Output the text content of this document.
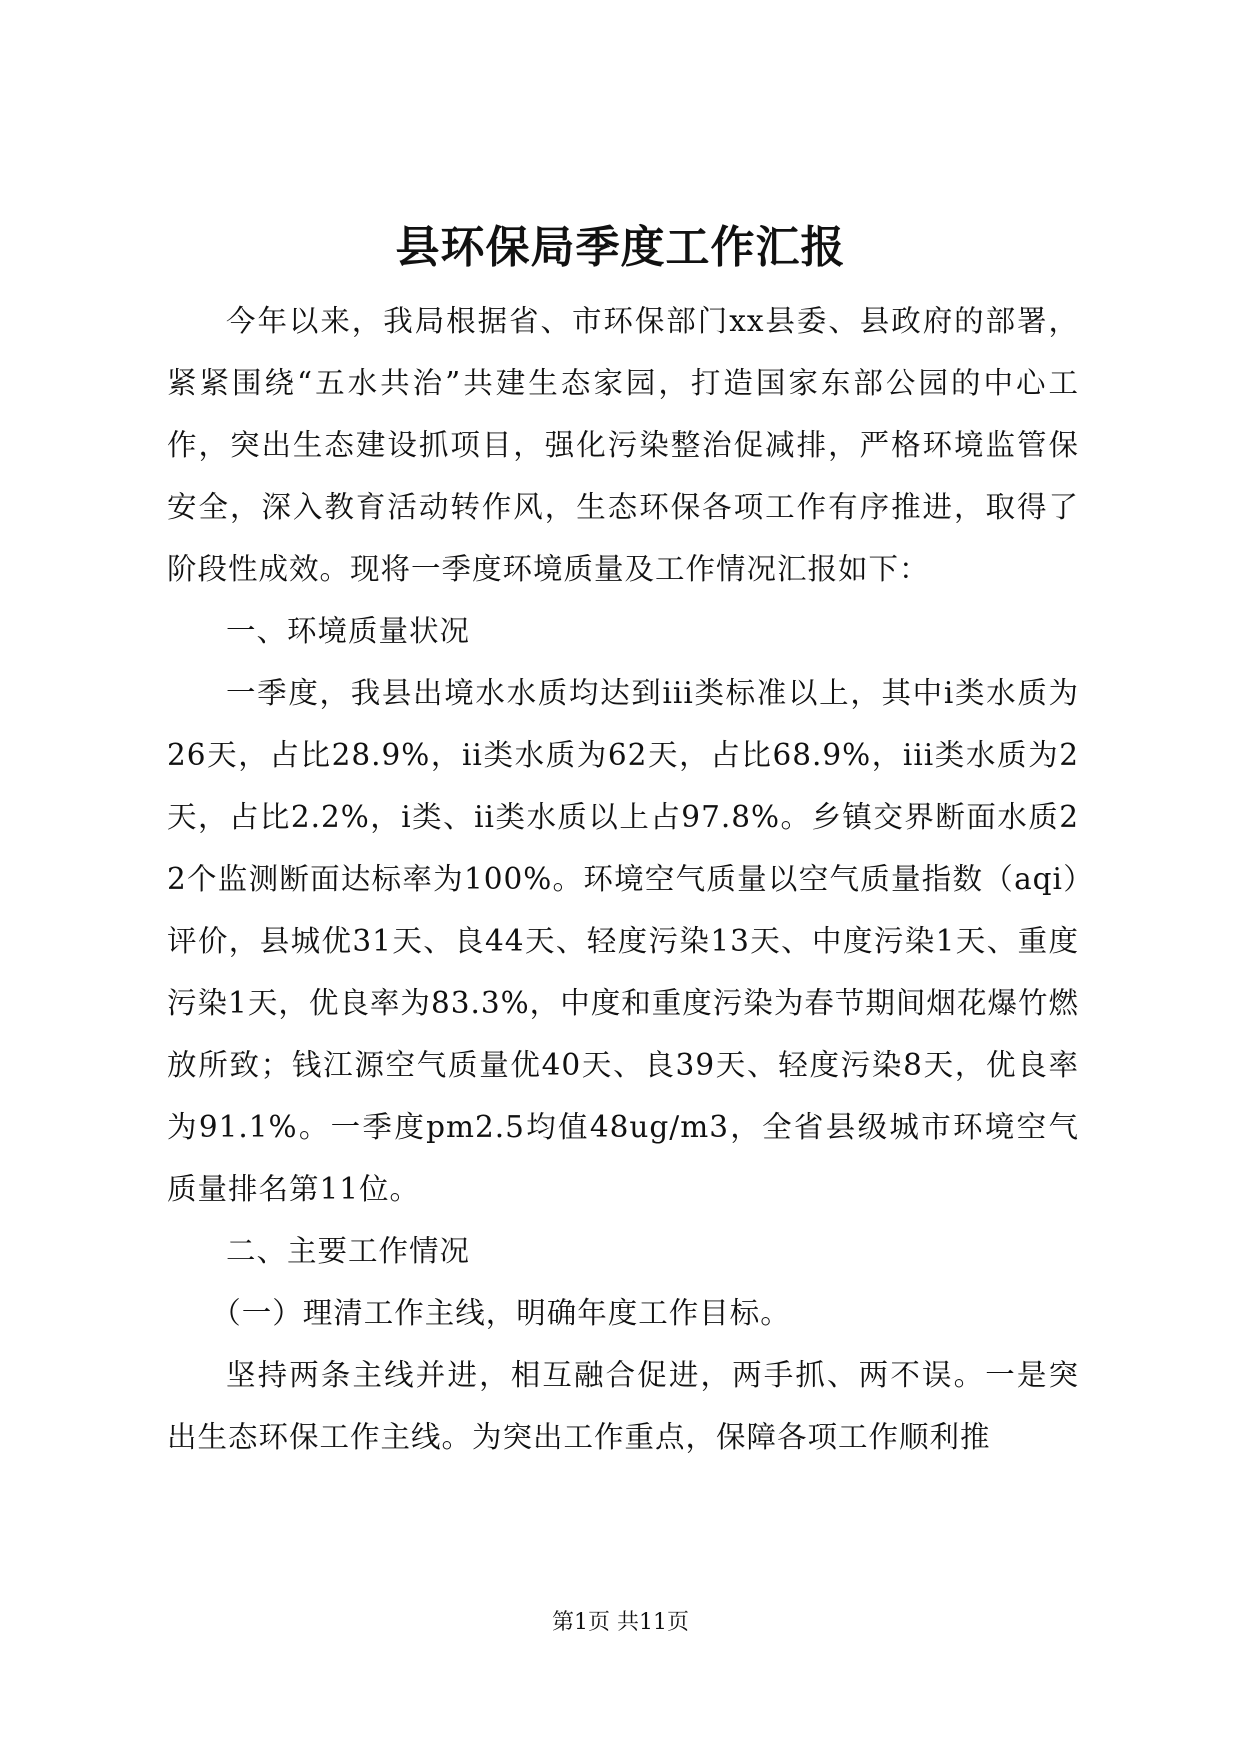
县环保局季度工作汇报

今年以来，我局根据省、市环保部门xx县委、县政府的部署，紧紧围绕“五水共治”共建生态家园，打造国家东部公园的中心工作，突出生态建设抓项目，强化污染整治促减排，严格环境监管保安全，深入教育活动转作风，生态环保各项工作有序推进，取得了阶段性成效。现将一季度环境质量及工作情况汇报如下：

一、环境质量状况

一季度，我县出境水水质均达到iii类标准以上，其中i类水质为26天，占比28.9%，ii类水质为62天，占比68.9%，iii类水质为2天，占比2.2%，i类、ii类水质以上占97.8%。乡镇交界断面水质22个监测断面达标率为100%。环境空气质量以空气质量指数（aqi）评价，县城优31天、良44天、轻度污染13天、中度污染1天、重度污染1天，优良率为83.3%，中度和重度污染为春节期间烟花爆竹燃放所致；钱江源空气质量优40天、良39天、轻度污染8天，优良率为91.1%。一季度pm2.5均值48ug/m3，全省县级城市环境空气质量排名第11位。

二、主要工作情况

（一）理清工作主线，明确年度工作目标。

坚持两条主线并进，相互融合促进，两手抓、两不误。一是突出生态环保工作主线。为突出工作重点，保障各项工作顺利推

第1页 共11页
